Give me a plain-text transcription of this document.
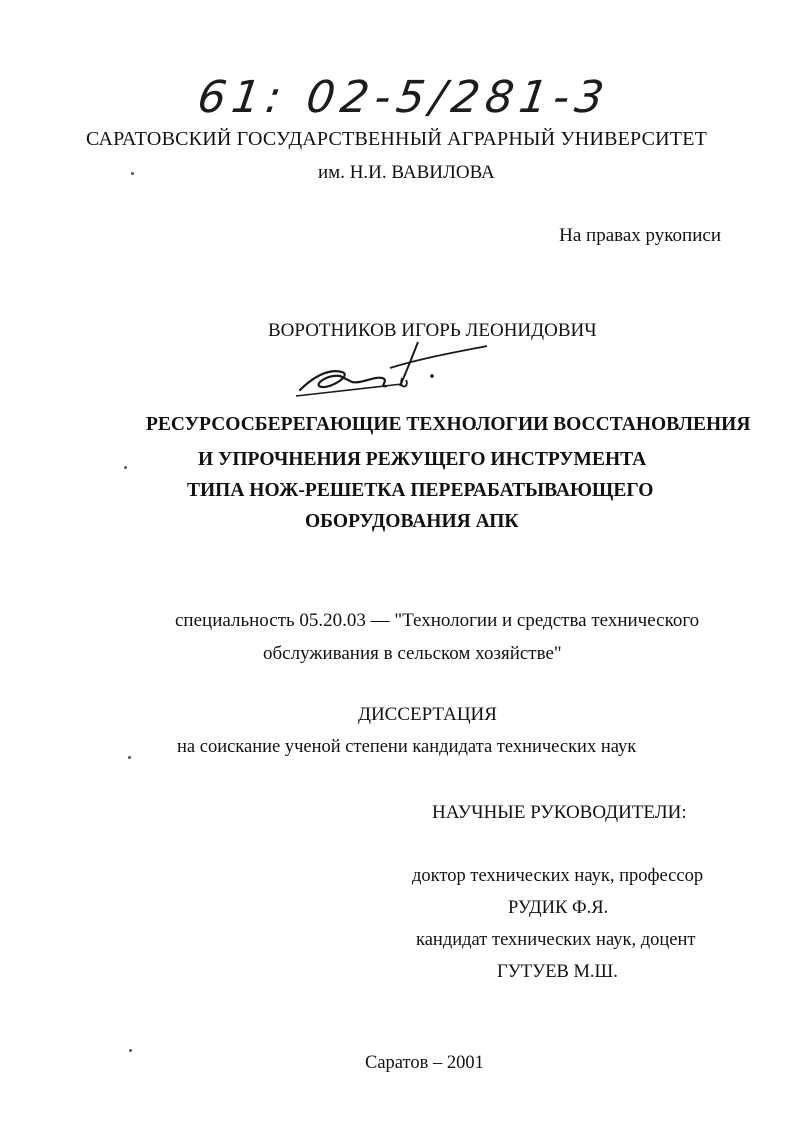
61: 02-5/281-3
САРАТОВСКИЙ ГОСУДАРСТВЕННЫЙ АГРАРНЫЙ УНИВЕРСИТЕТ
им. Н.И. ВАВИЛОВА
На правах рукописи
ВОРОТНИКОВ ИГОРЬ ЛЕОНИДОВИЧ
РЕСУРСОСБЕРЕГАЮЩИЕ ТЕХНОЛОГИИ ВОССТАНОВЛЕНИЯ
И УПРОЧНЕНИЯ РЕЖУЩЕГО ИНСТРУМЕНТА
ТИПА НОЖ-РЕШЕТКА ПЕРЕРАБАТЫВАЮЩЕГО
ОБОРУДОВАНИЯ АПК
специальность 05.20.03 — "Технологии и средства технического
обслуживания в сельском хозяйстве"
ДИССЕРТАЦИЯ
на соискание ученой степени кандидата технических наук
НАУЧНЫЕ РУКОВОДИТЕЛИ:
доктор технических наук, профессор
РУДИК Ф.Я.
кандидат технических наук, доцент
ГУТУЕВ М.Ш.
Саратов – 2001
